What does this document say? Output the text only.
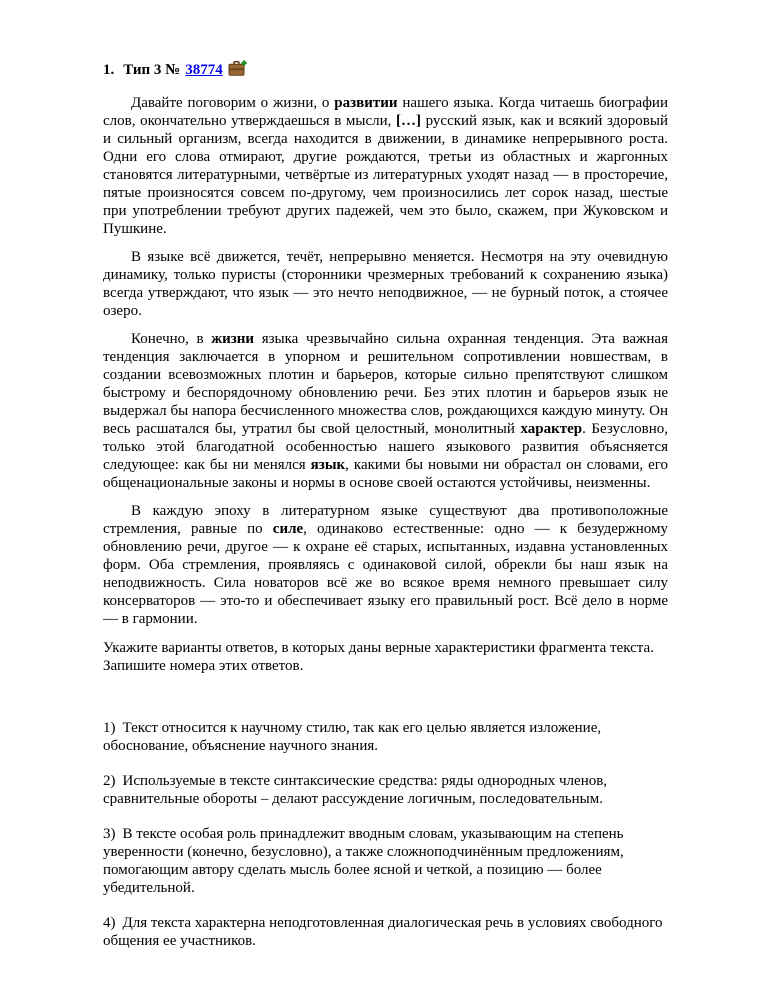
1. Тип 3 № 38774

Давайте поговорим о жизни, о развитии нашего языка. Когда читаешь биографии слов, окончательно утверждаешься в мысли, […] русский язык, как и всякий здоровый и сильный организм, всегда находится в движении, в динамике непрерывного роста. Одни его слова отмирают, другие рождаются, третьи из областных и жаргонных становятся литературными, четвёртые из литературных уходят назад — в просторечие, пятые произносятся совсем по-другому, чем произносились лет сорок назад, шестые при употреблении требуют других падежей, чем это было, скажем, при Жуковском и Пушкине.

В языке всё движется, течёт, непрерывно меняется. Несмотря на эту очевидную динамику, только пуристы (сторонники чрезмерных требований к сохранению языка) всегда утверждают, что язык — это нечто неподвижное, — не бурный поток, а стоячее озеро.

Конечно, в жизни языка чрезвычайно сильна охранная тенденция. Эта важная тенденция заключается в упорном и решительном сопротивлении новшествам, в создании всевозможных плотин и барьеров, которые сильно препятствуют слишком быстрому и беспорядочному обновлению речи. Без этих плотин и барьеров язык не выдержал бы напора бесчисленного множества слов, рождающихся каждую минуту. Он весь расшатался бы, утратил бы свой целостный, монолитный характер. Безусловно, только этой благодатной особенностью нашего языкового развития объясняется следующее: как бы ни менялся язык, какими бы новыми ни обрастал он словами, его общенациональные законы и нормы в основе своей остаются устойчивы, неизменны.

В каждую эпоху в литературном языке существуют два противоположные стремления, равные по силе, одинаково естественные: одно — к безудержному обновлению речи, другое — к охране её старых, испытанных, издавна установленных форм. Оба стремления, проявляясь с одинаковой силой, обрекли бы наш язык на неподвижность. Сила новаторов всё же во всякое время немного превышает силу консерваторов — это-то и обеспечивает языку его правильный рост. Всё дело в норме — в гармонии.

Укажите варианты ответов, в которых даны верные характеристики фрагмента текста. Запишите номера этих ответов.

1) Текст относится к научному стилю, так как его целью является изложение, обоснование, объяснение научного знания.

2) Используемые в тексте синтаксические средства: ряды однородных членов, сравнительные обороты – делают рассуждение логичным, последовательным.

3) В тексте особая роль принадлежит вводным словам, указывающим на степень уверенности (конечно, безусловно), а также сложноподчинённым предложениям, помогающим автору сделать мысль более ясной и четкой, а позицию — более убедительной.

4) Для текста характерна неподготовленная диалогическая речь в условиях свободного общения ее участников.
